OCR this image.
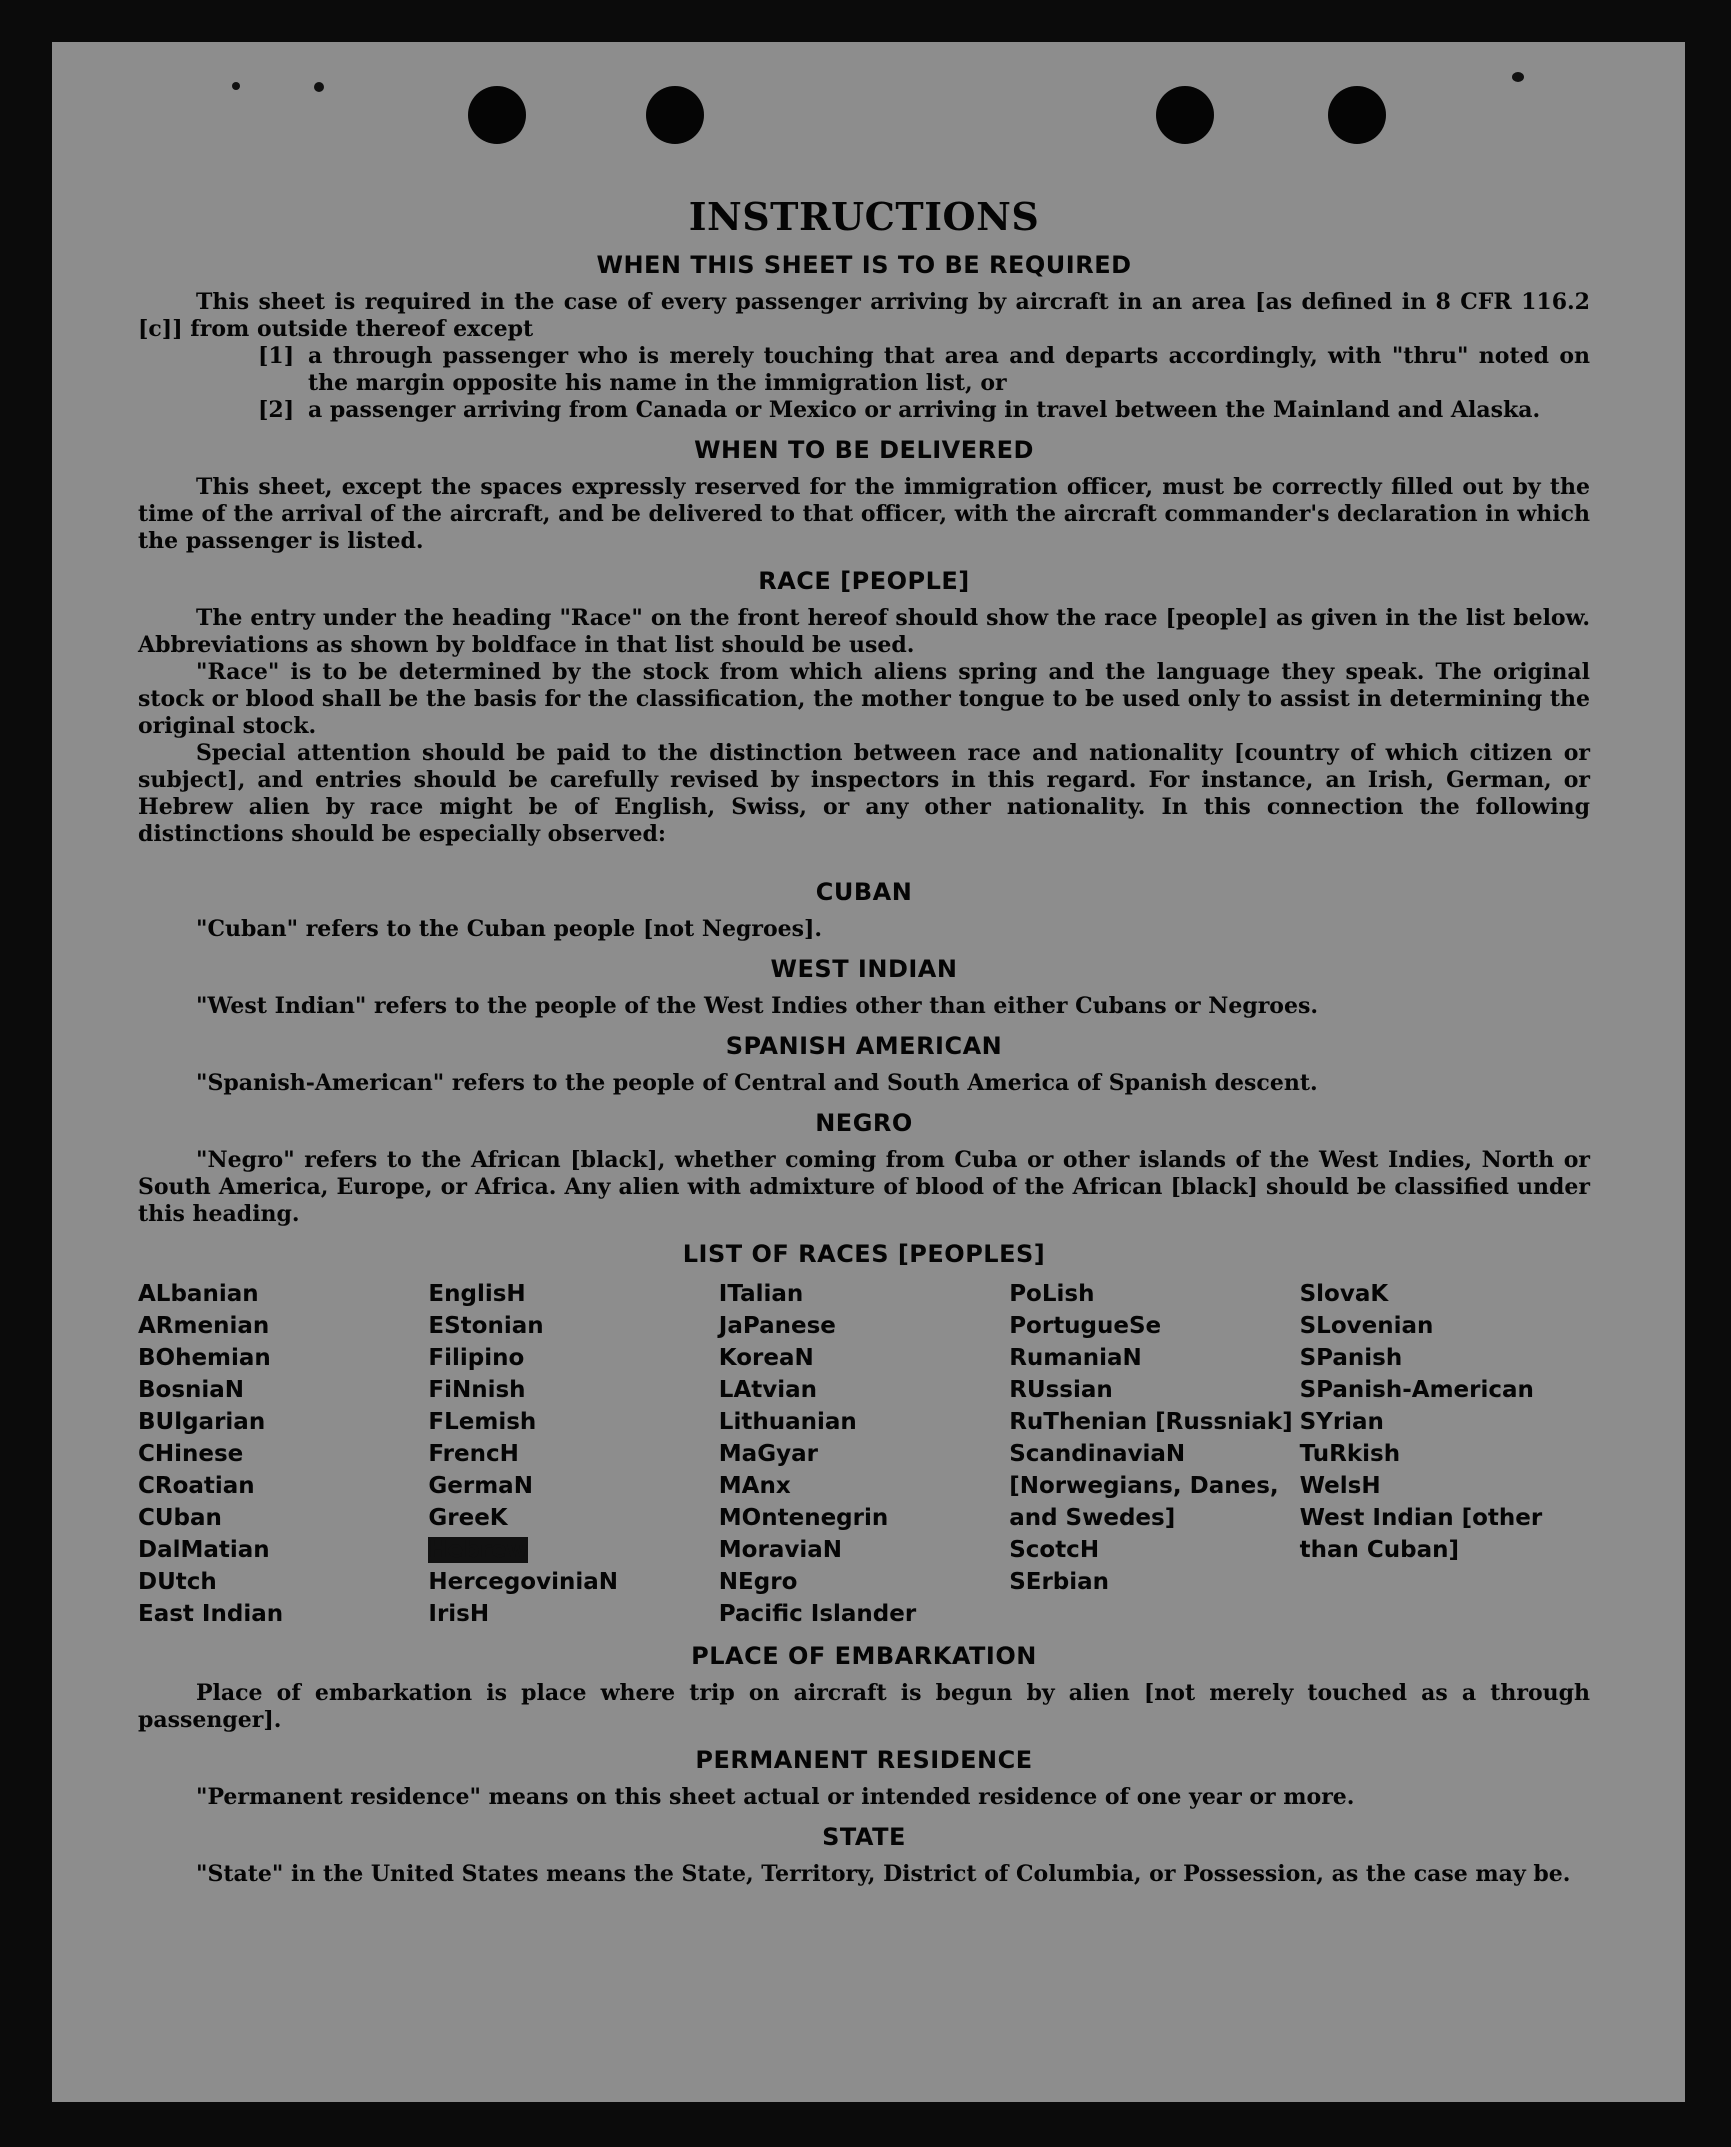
INSTRUCTIONS
WHEN THIS SHEET IS TO BE REQUIRED

This sheet is required in the case of every passenger arriving by aircraft in an area [as defined in 8 CFR 116.2 [c]] from outside thereof except

[1] a through passenger who is merely touching that area and departs accordingly, with "thru" noted on the margin opposite his name in the immigration list, or

[2] a passenger arriving from Canada or Mexico or arriving in travel between the Mainland and Alaska.

WHEN TO BE DELIVERED

This sheet, except the spaces expressly reserved for the immigration officer, must be correctly filled out by the time of the arrival of the aircraft, and be delivered to that officer, with the aircraft commander's declaration in which the passenger is listed.

RACE [PEOPLE]

The entry under the heading "Race" on the front hereof should show the race [people] as given in the list below. Abbreviations as shown by boldface in that list should be used.

"Race" is to be determined by the stock from which aliens spring and the language they speak. The original stock or blood shall be the basis for the classification, the mother tongue to be used only to assist in determining the original stock.

Special attention should be paid to the distinction between race and nationality [country of which citizen or subject], and entries should be carefully revised by inspectors in this regard. For instance, an Irish, German, or Hebrew alien by race might be of English, Swiss, or any other nationality. In this connection the following distinctions should be especially observed:

CUBAN

"Cuban" refers to the Cuban people [not Negroes].

WEST INDIAN

"West Indian" refers to the people of the West Indies other than either Cubans or Negroes.

SPANISH AMERICAN

"Spanish-American" refers to the people of Central and South America of Spanish descent.

NEGRO

"Negro" refers to the African [black], whether coming from Cuba or other islands of the West Indies, North or South America, Europe, or Africa. Any alien with admixture of blood of the African [black] should be classified under this heading.

LIST OF RACES [PEOPLES]
ALbanian
ARmenian
BOhemian
BosniaN
BUlgarian
CHinese
CRoatian
CUban
DalMatian
DUtch
East Indian
EnglisH
EStonian
Filipino
FiNnish
FLemish
FrencH
GermaN
GreeK
Hebrew
HercegoviniaN
IrisH
ITalian
JaPanese
KoreaN
LAtvian
Lithuanian
MaGyar
MAnx
MOntenegrin
MoraviaN
NEgro
Pacific Islander
PoLish
PortugueSe
RumaniaN
RUssian
RuThenian [Russniak]
ScandinaviaN [Norwegians, Danes, and Swedes]
ScotcH
SErbian
SlovaK
SLovenian
SPanish
SPanish-American
SYrian
TuRkish
WelsH
West Indian [other than Cuban]
PLACE OF EMBARKATION

Place of embarkation is place where trip on aircraft is begun by alien [not merely touched as a through passenger].

PERMANENT RESIDENCE

"Permanent residence" means on this sheet actual or intended residence of one year or more.

STATE

"State" in the United States means the State, Territory, District of Columbia, or Possession, as the case may be.
